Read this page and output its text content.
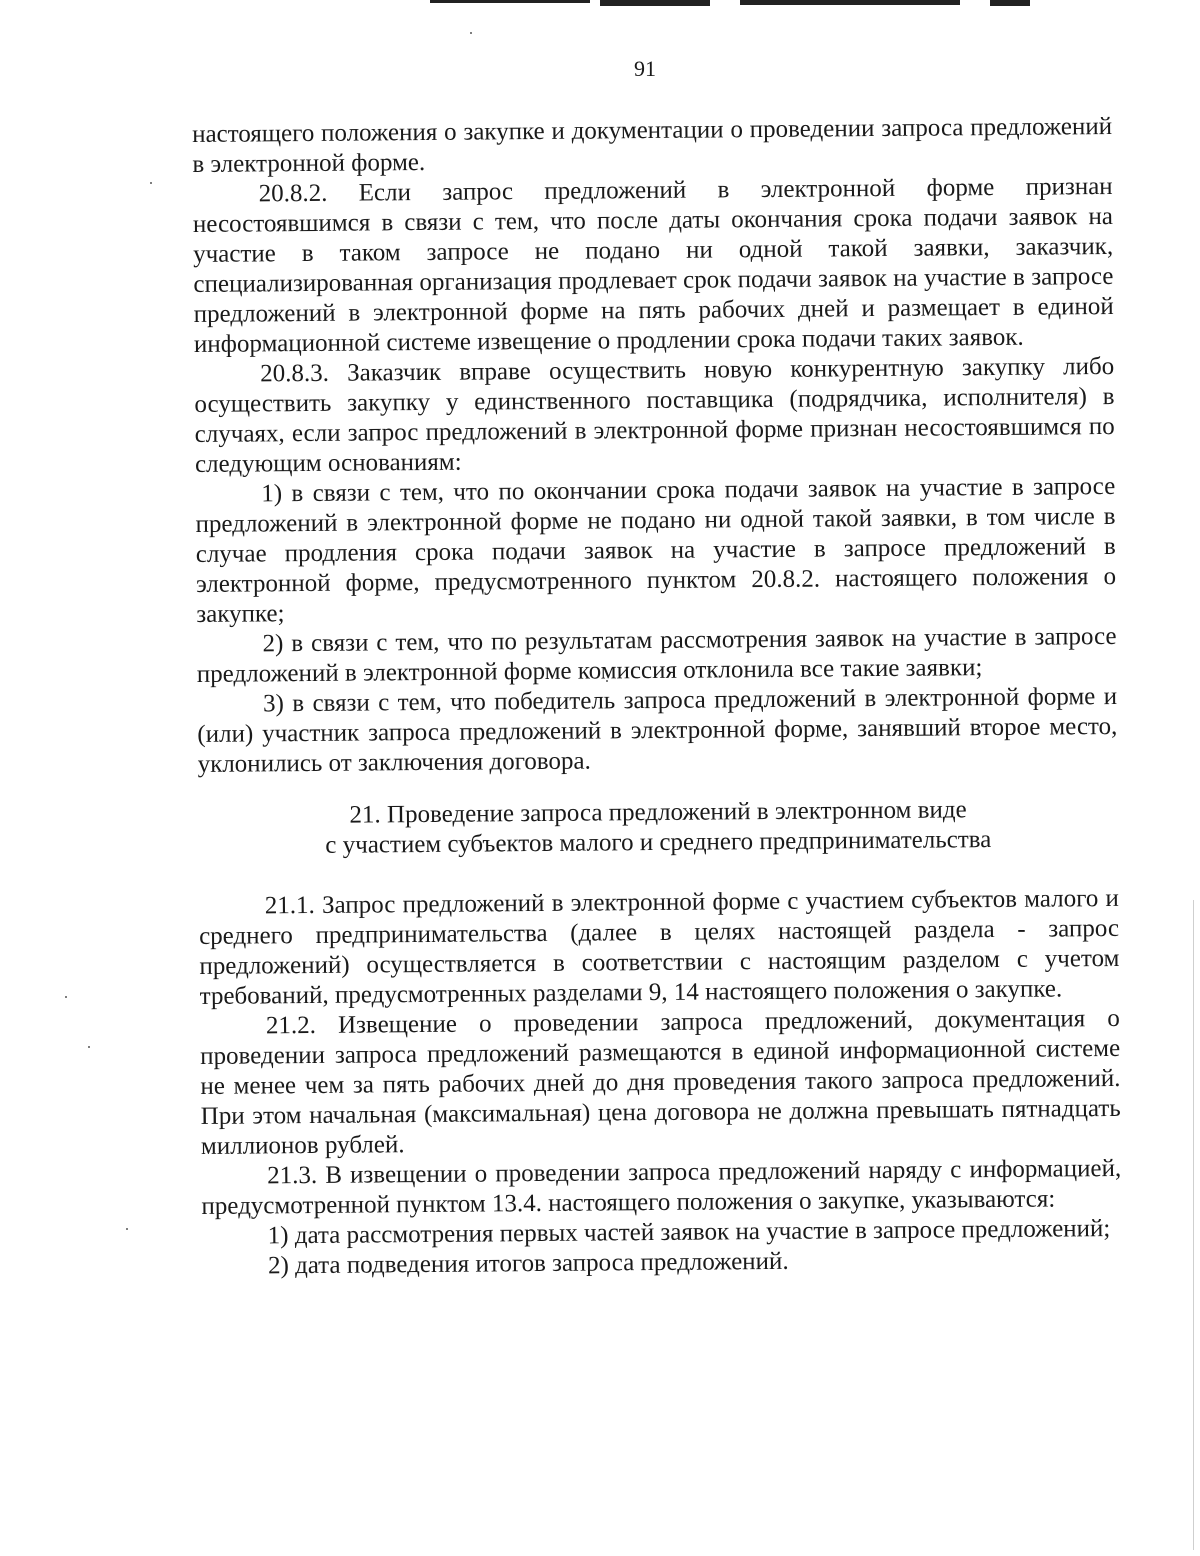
91

настоящего положения о закупке и документации о проведении запроса предложений в электронной форме.

20.8.2. Если запрос предложений в электронной форме признан несостоявшимся в связи с тем, что после даты окончания срока подачи заявок на участие в таком запросе не подано ни одной такой заявки, заказчик, специализированная организация продлевает срок подачи заявок на участие в запросе предложений в электронной форме на пять рабочих дней и размещает в единой информационной системе извещение о продлении срока подачи таких заявок.

20.8.3. Заказчик вправе осуществить новую конкурентную закупку либо осуществить закупку у единственного поставщика (подрядчика, исполнителя) в случаях, если запрос предложений в электронной форме признан несостоявшимся по следующим основаниям:

1) в связи с тем, что по окончании срока подачи заявок на участие в запросе предложений в электронной форме не подано ни одной такой заявки, в том числе в случае продления срока подачи заявок на участие в запросе предложений в электронной форме, предусмотренного пунктом 20.8.2. настоящего положения о закупке;

2) в связи с тем, что по результатам рассмотрения заявок на участие в запросе предложений в электронной форме комиссия отклонила все такие заявки;

3) в связи с тем, что победитель запроса предложений в электронной форме и (или) участник запроса предложений в электронной форме, занявший второе место, уклонились от заключения договора.

21. Проведение запроса предложений в электронном виде
с участием субъектов малого и среднего предпринимательства

21.1. Запрос предложений в электронной форме с участием субъектов малого и среднего предпринимательства (далее в целях настоящей раздела - запрос предложений) осуществляется в соответствии с настоящим разделом с учетом требований, предусмотренных разделами 9, 14 настоящего положения о закупке.

21.2. Извещение о проведении запроса предложений, документация о проведении запроса предложений размещаются в единой информационной системе не менее чем за пять рабочих дней до дня проведения такого запроса предложений. При этом начальная (максимальная) цена договора не должна превышать пятнадцать миллионов рублей.

21.3. В извещении о проведении запроса предложений наряду с информацией, предусмотренной пунктом 13.4. настоящего положения о закупке, указываются:

1) дата рассмотрения первых частей заявок на участие в запросе предложений;

2) дата подведения итогов запроса предложений.
